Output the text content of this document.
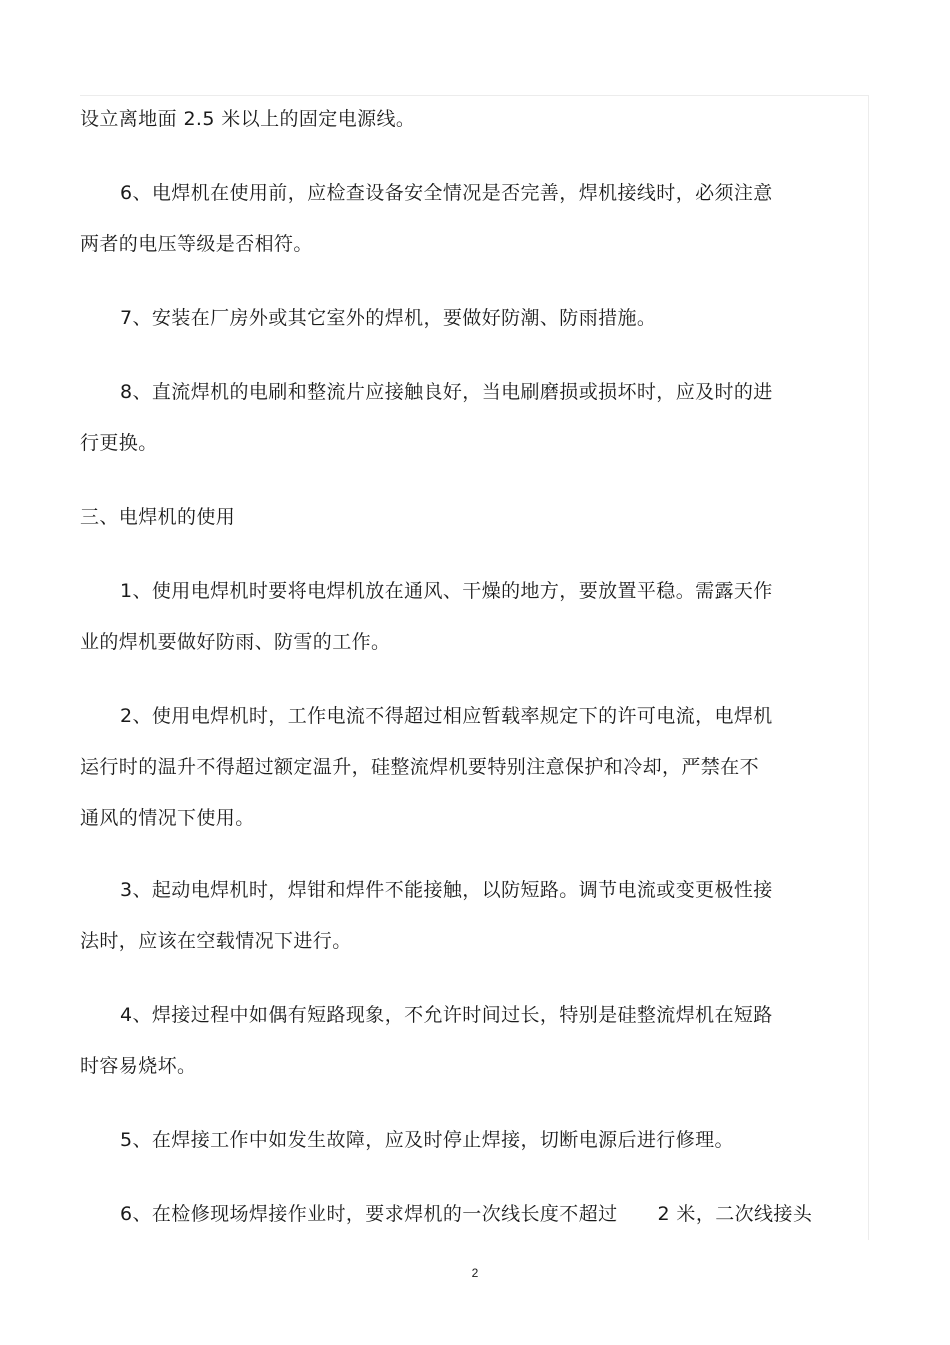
设立离地面 2.5 米以上的固定电源线。
6、电焊机在使用前，应检查设备安全情况是否完善，焊机接线时，必须注意
两者的电压等级是否相符。
7、安装在厂房外或其它室外的焊机，要做好防潮、防雨措施。
8、直流焊机的电刷和整流片应接触良好，当电刷磨损或损坏时，应及时的进
行更换。
三、电焊机的使用
1、使用电焊机时要将电焊机放在通风、干燥的地方，要放置平稳。需露天作
业的焊机要做好防雨、防雪的工作。
2、使用电焊机时，工作电流不得超过相应暂载率规定下的许可电流，电焊机
运行时的温升不得超过额定温升，硅整流焊机要特别注意保护和冷却，严禁在不
通风的情况下使用。
3、起动电焊机时，焊钳和焊件不能接触，以防短路。调节电流或变更极性接
法时，应该在空载情况下进行。
4、焊接过程中如偶有短路现象，不允许时间过长，特别是硅整流焊机在短路
时容易烧坏。
5、在焊接工作中如发生故障，应及时停止焊接，切断电源后进行修理。
6、在检修现场焊接作业时，要求焊机的一次线长度不超过 2 米，二次线接头
2
